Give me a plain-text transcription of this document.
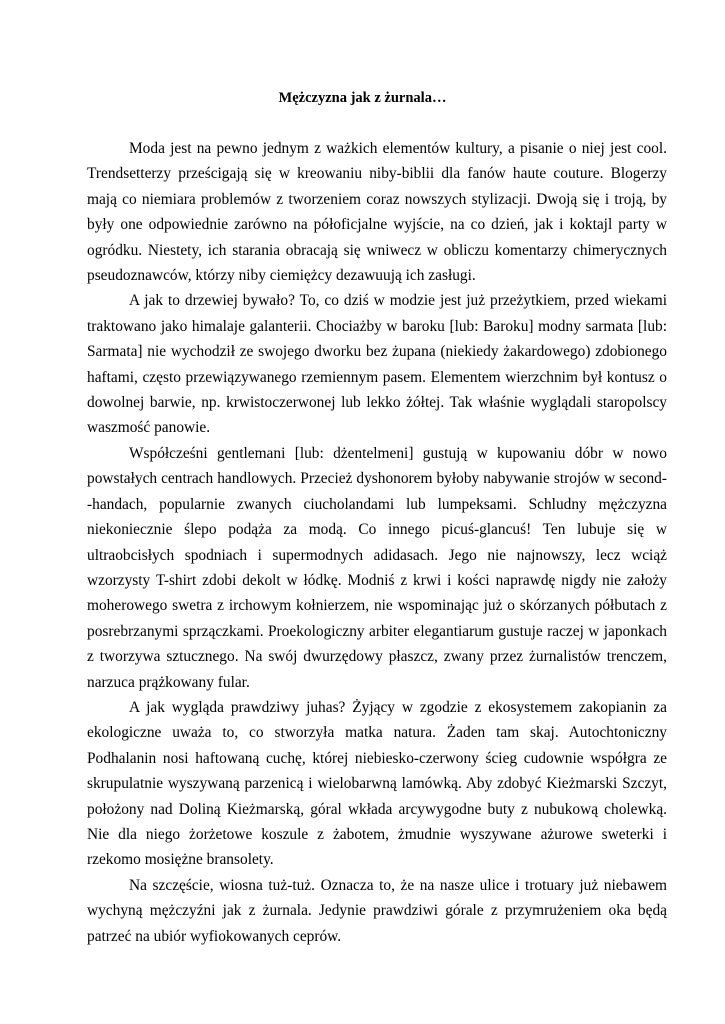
Mężczyzna jak z żurnala…

Moda jest na pewno jednym z ważkich elementów kultury, a pisanie o niej jest cool. Trendsetterzy prześcigają się w kreowaniu niby-biblii dla fanów haute couture. Blogerzy mają co niemiara problemów z tworzeniem coraz nowszych stylizacji. Dwoją się i troją, by były one odpowiednie zarówno na półoficjalne wyjście, na co dzień, jak i koktajl party w ogródku. Niestety, ich starania obracają się wniwecz w obliczu komentarzy chimerycznych pseudoznawców, którzy niby ciemiężcy dezawuują ich zasługi.

A jak to drzewiej bywało? To, co dziś w modzie jest już przeżytkiem, przed wiekami traktowano jako himalaje galanterii. Chociażby w baroku [lub: Baroku] modny sarmata [lub: Sarmata] nie wychodził ze swojego dworku bez żupana (niekiedy żakardowego) zdobionego haftami, często przewiązywanego rzemiennym pasem. Elementem wierzchnim był kontusz o dowolnej barwie, np. krwistoczerwonej lub lekko żółtej. Tak właśnie wyglądali staropolscy waszmość panowie.

Współcześni gentlemani [lub: dżentelmeni] gustują w kupowaniu dóbr w nowo powstałych centrach handlowych. Przecież dyshonorem byłoby nabywanie strojów w second--handach, popularnie zwanych ciucholandami lub lumpeksami. Schludny mężczyzna niekoniecznie ślepo podąża za modą. Co innego picuś-glancuś! Ten lubuje się w ultraobcisłych spodniach i supermodnych adidasach. Jego nie najnowszy, lecz wciąż wzorzysty T-shirt zdobi dekolt w łódkę. Modniś z krwi i kości naprawdę nigdy nie założy moherowego swetra z irchowym kołnierzem, nie wspominając już o skórzanych półbutach z posrebrzanymi sprzączkami. Proekologiczny arbiter elegantiarum gustuje raczej w japonkach z tworzywa sztucznego. Na swój dwurzędowy płaszcz, zwany przez żurnalistów trenczem, narzuca prążkowany fular.

A jak wygląda prawdziwy juhas? Żyjący w zgodzie z ekosystemem zakopianin za ekologiczne uważa to, co stworzyła matka natura. Żaden tam skaj. Autochtoniczny Podhalanin nosi haftowaną cuchę, której niebiesko-czerwony ścieg cudownie współgra ze skrupulatnie wyszywaną parzenicą i wielobarwną lamówką. Aby zdobyć Kieżmarski Szczyt, położony nad Doliną Kieżmarską, góral wkłada arcywygodne buty z nubukową cholewką. Nie dla niego żorżetowe koszule z żabotem, żmudnie wyszywane ażurowe sweterki i rzekomo mosiężne bransolety.

Na szczęście, wiosna tuż-tuż. Oznacza to, że na nasze ulice i trotuary już niebawem wychyną mężczyźni jak z żurnala. Jedynie prawdziwi górale z przymrużeniem oka będą patrzeć na ubiór wyfiokowanych ceprów.
